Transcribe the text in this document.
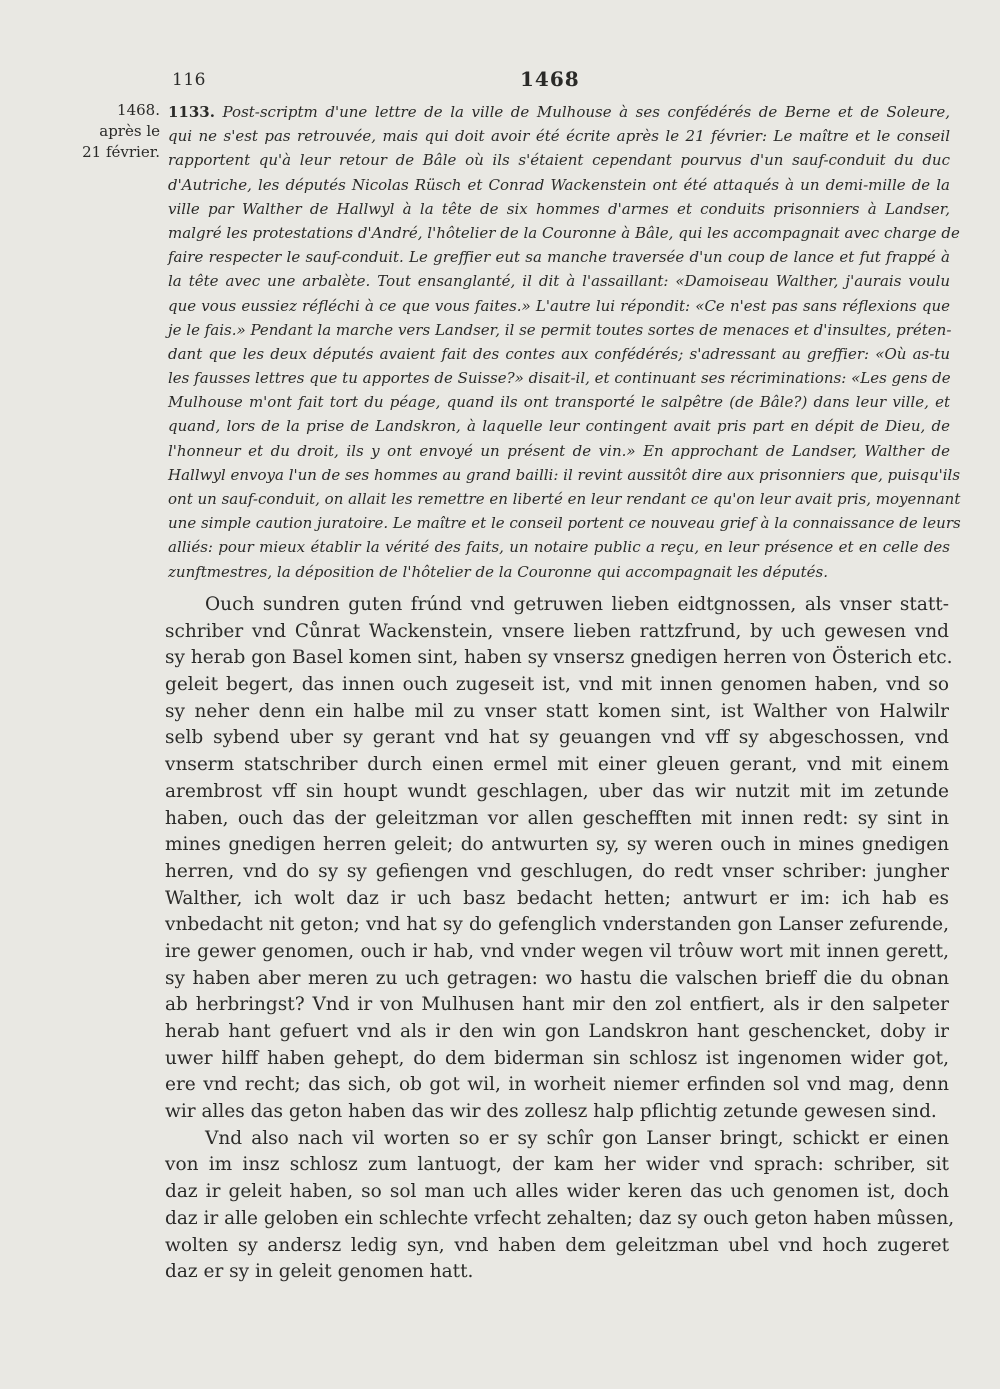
116	1468
1468.
après le
21 février.
1133. Post-scriptm d'une lettre de la ville de Mulhouse à ses confédérés de Berne et de Soleure,
qui ne s'est pas retrouvée, mais qui doit avoir été écrite après le 21 février: Le maître et le conseil
rapportent qu'à leur retour de Bâle où ils s'étaient cependant pourvus d'un sauf-conduit du duc
d'Autriche, les députés Nicolas Rüsch et Conrad Wackenstein ont été attaqués à un demi-mille de la
ville par Walther de Hallwyl à la tête de six hommes d'armes et conduits prisonniers à Landser,
malgré les protestations d'André, l'hôtelier de la Couronne à Bâle, qui les accompagnait avec charge de
faire respecter le sauf-conduit. Le greffier eut sa manche traversée d'un coup de lance et fut frappé à
la tête avec une arbalète. Tout ensanglanté, il dit à l'assaillant: «Damoiseau Walther, j'aurais voulu
que vous eussiez réfléchi à ce que vous faites.» L'autre lui répondit: «Ce n'est pas sans réflexions que
je le fais.» Pendant la marche vers Landser, il se permit toutes sortes de menaces et d'insultes, préten-
dant que les deux députés avaient fait des contes aux confédérés; s'adressant au greffier: «Où as-tu
les fausses lettres que tu apportes de Suisse?» disait-il, et continuant ses récriminations: «Les gens de
Mulhouse m'ont fait tort du péage, quand ils ont transporté le salpêtre (de Bâle?) dans leur ville, et
quand, lors de la prise de Landskron, à laquelle leur contingent avait pris part en dépit de Dieu, de
l'honneur et du droit, ils y ont envoyé un présent de vin.» En approchant de Landser, Walther de
Hallwyl envoya l'un de ses hommes au grand bailli: il revint aussitôt dire aux prisonniers que, puisqu'ils
ont un sauf-conduit, on allait les remettre en liberté en leur rendant ce qu'on leur avait pris, moyennant
une simple caution juratoire. Le maître et le conseil portent ce nouveau grief à la connaissance de leurs
alliés: pour mieux établir la vérité des faits, un notaire public a reçu, en leur présence et en celle des
zunftmestres, la déposition de l'hôtelier de la Couronne qui accompagnait les députés.
Ouch sundren guten frúnd vnd getruwen lieben eidtgnossen, als vnser statt-
schriber vnd Cůnrat Wackenstein, vnsere lieben rattzfrund, by uch gewesen vnd
sy herab gon Basel komen sint, haben sy vnsersz gnedigen herren von Österich etc.
geleit begert, das innen ouch zugeseit ist, vnd mit innen genomen haben, vnd so
sy neher denn ein halbe mil zu vnser statt komen sint, ist Walther von Halwilr
selb sybend uber sy gerant vnd hat sy geuangen vnd vff sy abgeschossen, vnd
vnserm statschriber durch einen ermel mit einer gleuen gerant, vnd mit einem
arembrost vff sin houpt wundt geschlagen, uber das wir nutzit mit im zetunde
haben, ouch das der geleitzman vor allen geschefften mit innen redt: sy sint in
mines gnedigen herren geleit; do antwurten sy, sy weren ouch in mines gnedigen
herren, vnd do sy sy gefiengen vnd geschlugen, do redt vnser schriber: jungher
Walther, ich wolt daz ir uch basz bedacht hetten; antwurt er im: ich hab es
vnbedacht nit geton; vnd hat sy do gefenglich vnderstanden gon Lanser zefurende,
ire gewer genomen, ouch ir hab, vnd vnder wegen vil trôuw wort mit innen gerett,
sy haben aber meren zu uch getragen: wo hastu die valschen brieff die du obnan
ab herbringst? Vnd ir von Mulhusen hant mir den zol entfiert, als ir den salpeter
herab hant gefuert vnd als ir den win gon Landskron hant geschencket, doby ir
uwer hilff haben gehept, do dem biderman sin schlosz ist ingenomen wider got,
ere vnd recht; das sich, ob got wil, in worheit niemer erfinden sol vnd mag, denn
wir alles das geton haben das wir des zollesz halp pflichtig zetunde gewesen sind.
Vnd also nach vil worten so er sy schîr gon Lanser bringt, schickt er einen
von im insz schlosz zum lantuogt, der kam her wider vnd sprach: schriber, sit
daz ir geleit haben, so sol man uch alles wider keren das uch genomen ist, doch
daz ir alle geloben ein schlechte vrfecht zehalten; daz sy ouch geton haben mûssen,
wolten sy andersz ledig syn, vnd haben dem geleitzman ubel vnd hoch zugeret
daz er sy in geleit genomen hatt.
